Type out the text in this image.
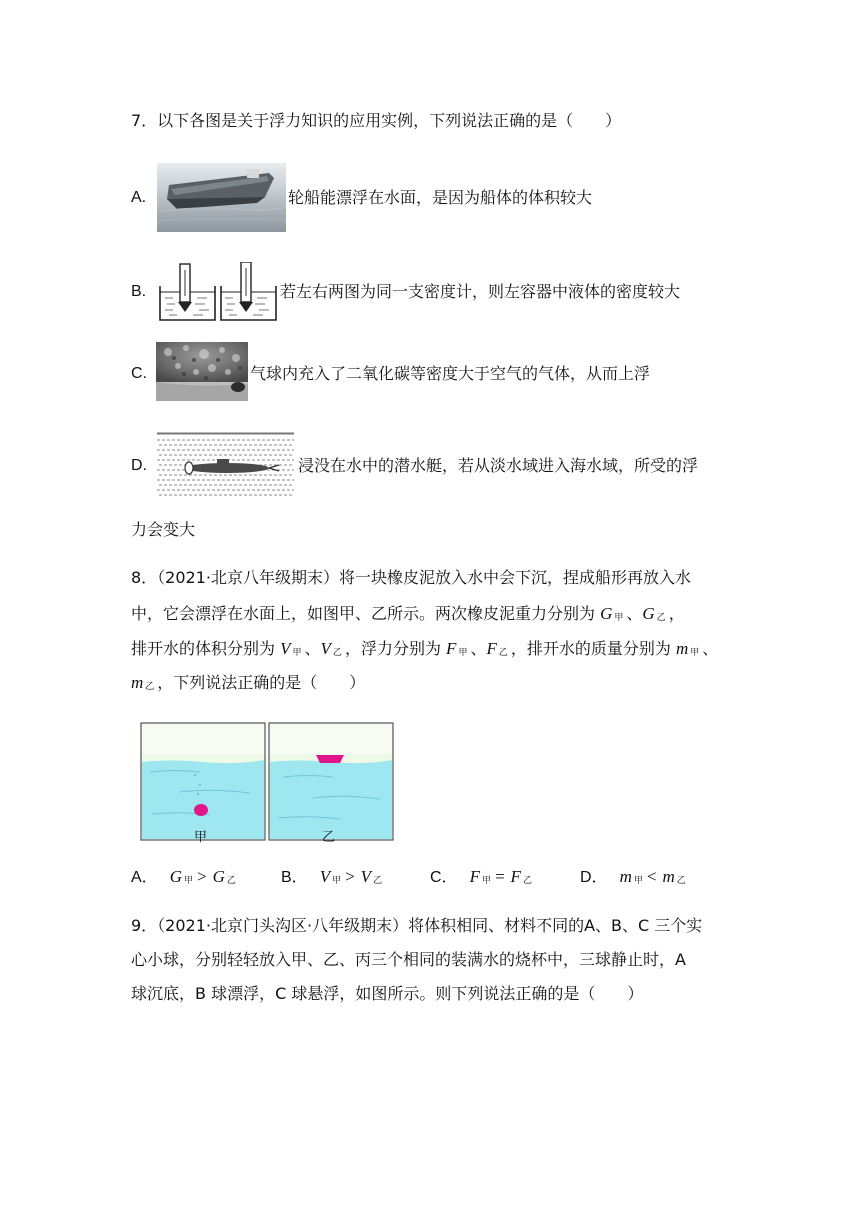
7．以下各图是关于浮力知识的应用实例，下列说法正确的是（　　）
A.	轮船能漂浮在水面，是因为船体的体积较大
B.	若左右两图为同一支密度计，则左容器中液体的密度较大
C.	气球内充入了二氧化碳等密度大于空气的气体，从而上浮
D.	浸没在水中的潜水艇，若从淡水域进入海水域，所受的浮
力会变大
8．（2021·北京八年级期末）将一块橡皮泥放入水中会下沉，捏成船形再放入水
中，它会漂浮在水面上，如图甲、乙所示。两次橡皮泥重力分别为 G 甲 、G 乙 ，
排开水的体积分别为 V 甲 、V 乙 ，浮力分别为 F 甲 、F 乙 ，排开水的质量分别为 m 甲 、
m乙 ，下列说法正确的是（　　）
甲	乙
A． G 甲 > G 乙	B． V 甲 > V 乙	C． F 甲 = F 乙	D． m 甲 < m 乙
9．（2021·北京门头沟区·八年级期末）将体积相同、材料不同的A、B、C 三个实
心小球，分别轻轻放入甲、乙、丙三个相同的装满水的烧杯中，三球静止时，A
球沉底，B 球漂浮，C 球悬浮，如图所示。则下列说法正确的是（　　）
